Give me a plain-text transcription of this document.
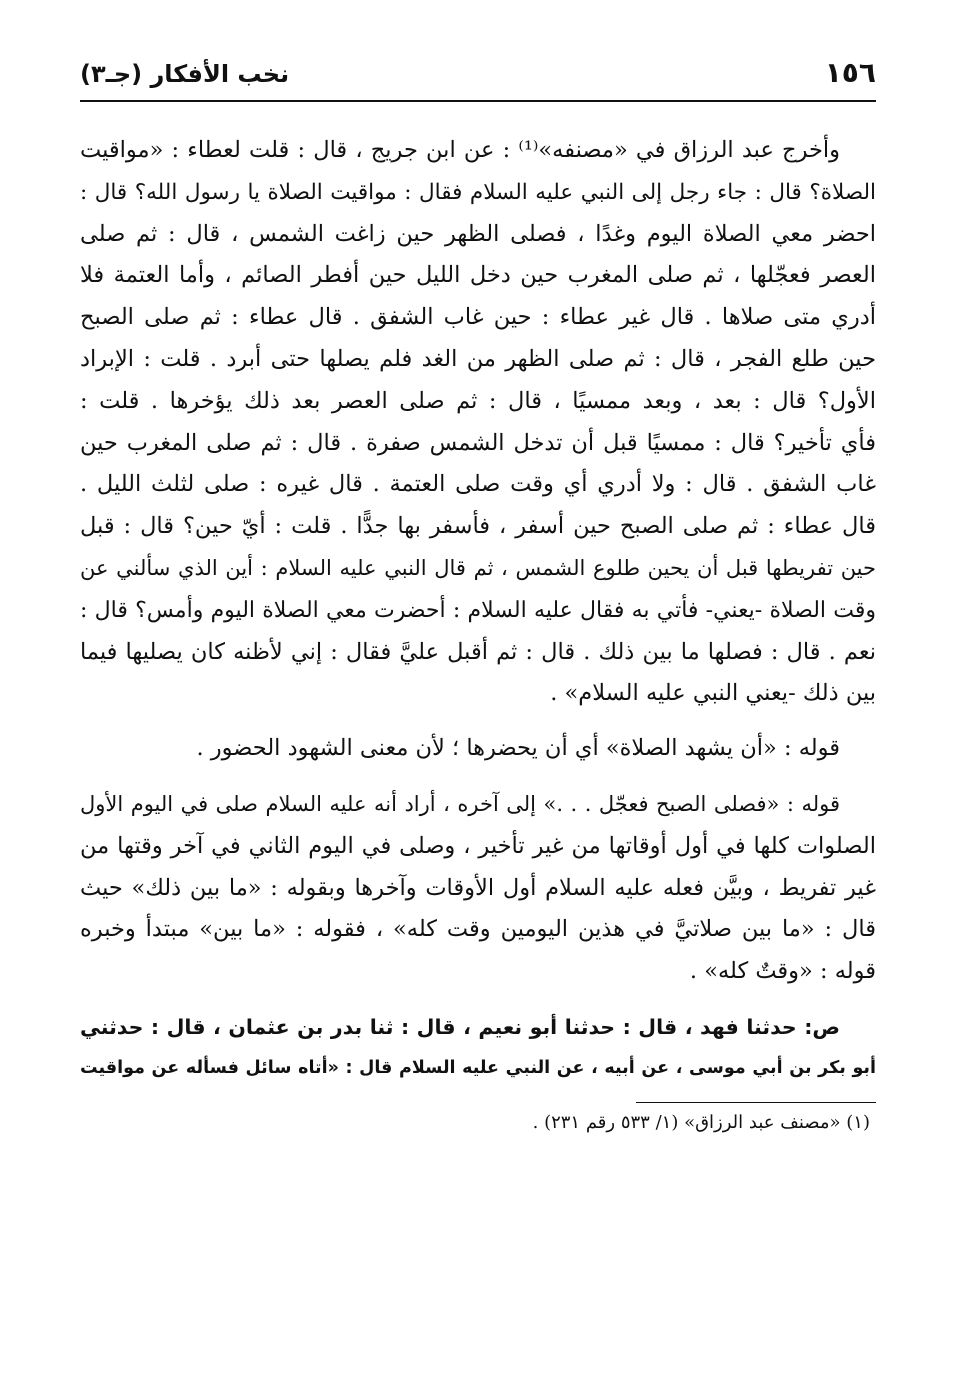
١٥٦
نخب الأفكار (جـ٣)
وأخرج عبد الرزاق في «مصنفه»⁽¹⁾ : عن ابن جريج ، قال : قلت لعطاء : «مواقيت
الصلاة؟ قال : جاء رجل إلى النبي عليه السلام فقال : مواقيت الصلاة يا رسول الله؟ قال :
احضر معي الصلاة اليوم وغدًا ، فصلى الظهر حين زاغت الشمس ، قال : ثم صلى
العصر فعجّلها ، ثم صلى المغرب حين دخل الليل حين أفطر الصائم ، وأما العتمة فلا
أدري متى صلاها . قال غير عطاء : حين غاب الشفق . قال عطاء : ثم صلى الصبح
حين طلع الفجر ، قال : ثم صلى الظهر من الغد فلم يصلها حتى أبرد . قلت : الإبراد
الأول؟ قال : بعد ، وبعد ممسيًا ، قال : ثم صلى العصر بعد ذلك يؤخرها . قلت :
فأي تأخير؟ قال : ممسيًا قبل أن تدخل الشمس صفرة . قال : ثم صلى المغرب حين
غاب الشفق . قال : ولا أدري أي وقت صلى العتمة . قال غيره : صلى لثلث الليل .
قال عطاء : ثم صلى الصبح حين أسفر ، فأسفر بها جدًّا . قلت : أيّ حين؟ قال : قبل
حين تفريطها قبل أن يحين طلوع الشمس ، ثم قال النبي عليه السلام : أين الذي سألني عن
وقت الصلاة -يعني- فأتي به فقال عليه السلام : أحضرت معي الصلاة اليوم وأمس؟ قال :
نعم . قال : فصلها ما بين ذلك . قال : ثم أقبل عليَّ فقال : إني لأظنه كان يصليها فيما
بين ذلك -يعني النبي عليه السلام» .
قوله : «أن يشهد الصلاة» أي أن يحضرها ؛ لأن معنى الشهود الحضور .
قوله : «فصلى الصبح فعجّل . . .» إلى آخره ، أراد أنه عليه السلام صلى في اليوم الأول
الصلوات كلها في أول أوقاتها من غير تأخير ، وصلى في اليوم الثاني في آخر وقتها من
غير تفريط ، وبيَّن فعله عليه السلام أول الأوقات وآخرها وبقوله : «ما بين ذلك» حيث
قال : «ما بين صلاتيَّ في هذين اليومين وقت كله» ، فقوله : «ما بين» مبتدأ وخبره
قوله : «وقتٌ كله» .
ص: حدثنا فهد ، قال : حدثنا أبو نعيم ، قال : ثنا بدر بن عثمان ، قال : حدثني
أبو بكر بن أبي موسى ، عن أبيه ، عن النبي عليه السلام قال : «أتاه سائل فسأله عن مواقيت
(١) «مصنف عبد الرزاق» (١/ ٥٣٣ رقم ٢٣١) .
